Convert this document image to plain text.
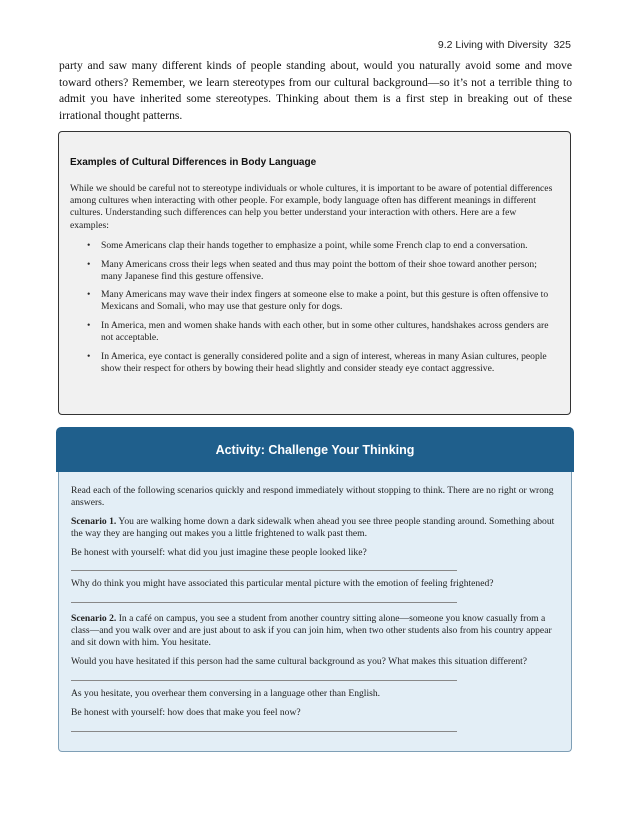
9.2 Living with Diversity 325

party and saw many different kinds of people standing about, would you naturally avoid some and move toward others? Remember, we learn stereotypes from our cultural background—so it’s not a terrible thing to admit you have inherited some stereotypes. Thinking about them is a first step in breaking out of these irrational thought patterns.

Examples of Cultural Differences in Body Language

While we should be careful not to stereotype individuals or whole cultures, it is important to be aware of potential differences among cultures when interacting with other people. For example, body language often has different meanings in different cultures. Understanding such differences can help you better understand your interaction with others. Here are a few examples:

• Some Americans clap their hands together to emphasize a point, while some French clap to end a conversation.
• Many Americans cross their legs when seated and thus may point the bottom of their shoe toward another person; many Japanese find this gesture offensive.
• Many Americans may wave their index fingers at someone else to make a point, but this gesture is often offensive to Mexicans and Somali, who may use that gesture only for dogs.
• In America, men and women shake hands with each other, but in some other cultures, handshakes across genders are not acceptable.
• In America, eye contact is generally considered polite and a sign of interest, whereas in many Asian cultures, people show their respect for others by bowing their head slightly and consider steady eye contact aggressive.
Activity: Challenge Your Thinking

Read each of the following scenarios quickly and respond immediately without stopping to think. There are no right or wrong answers.

Scenario 1. You are walking home down a dark sidewalk when ahead you see three people standing around. Something about the way they are hanging out makes you a little frightened to walk past them.

Be honest with yourself: what did you just imagine these people looked like?

Why do think you might have associated this particular mental picture with the emotion of feeling frightened?

Scenario 2. In a café on campus, you see a student from another country sitting alone—someone you know casually from a class—and you walk over and are just about to ask if you can join him, when two other students also from his country appear and sit down with him. You hesitate.

Would you have hesitated if this person had the same cultural background as you? What makes this situation different?

As you hesitate, you overhear them conversing in a language other than English.

Be honest with yourself: how does that make you feel now?
